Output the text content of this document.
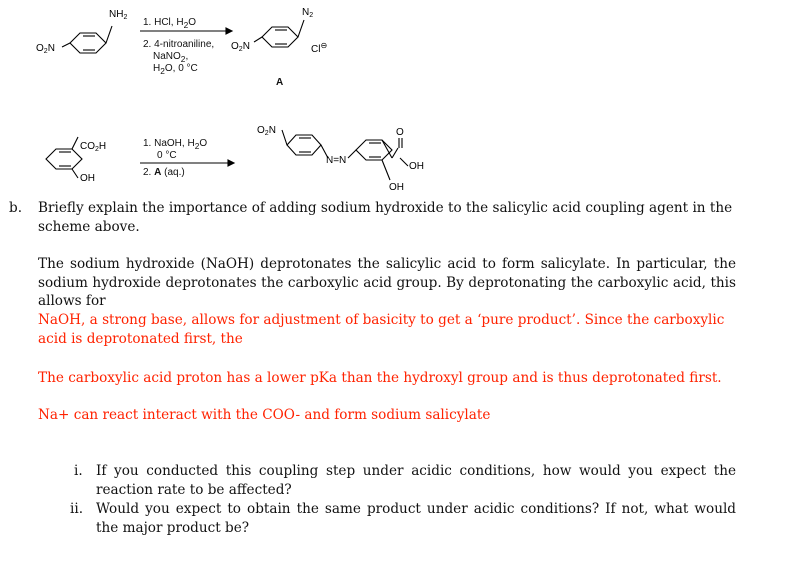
$NH_2$
$O_2N$
1. HCl, $H_2O$
2. 4-nitroaniline,
NaNO$_2$,
$H_2O$, 0 °C
$N_2$
$O_2N$	Cl⊖
A
$CO_2H$
OH
1. NaOH, $H_2O$
0 °C
2. A (aq.)
$O_2N$
N=N
O
OH
OH
b. Briefly explain the importance of adding sodium hydroxide to the salicylic acid coupling agent in the scheme above.
The sodium hydroxide (NaOH) deprotonates the salicylic acid to form salicylate. In particular, the sodium hydroxide deprotonates the carboxylic acid group. By deprotonating the carboxylic acid, this allows for
NaOH, a strong base, allows for adjustment of basicity to get a ‘pure product’. Since the carboxylic acid is deprotonated first, the
The carboxylic acid proton has a lower pKa than the hydroxyl group and is thus deprotonated first.
Na+ can react interact with the COO- and form sodium salicylate
i. If you conducted this coupling step under acidic conditions, how would you expect the reaction rate to be affected?
ii. Would you expect to obtain the same product under acidic conditions? If not, what would the major product be?
